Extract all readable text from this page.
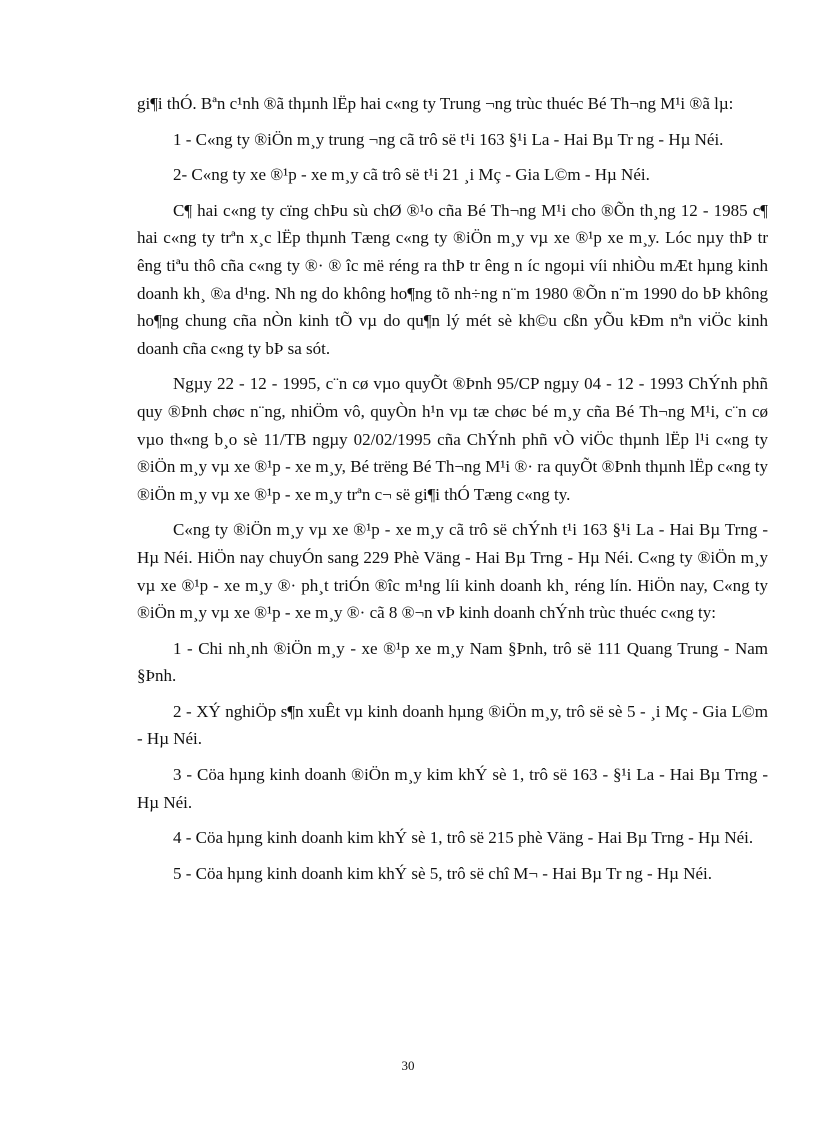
gi¶i thÓ. Bªn c¹nh ®ã thµnh lËp hai c«ng ty Trung ¬ng trùc thuéc Bé Th¬ng M¹i ®ã lµ:

1 - C«ng ty ®iÖn m¸y trung ¬ng cã trô së t¹i 163 §¹i La - Hai Bµ Tr ng - Hµ Néi.

2- C«ng ty xe ®¹p - xe m¸y cã trô së t¹i 21 ¸i Mç - Gia L©m - Hµ Néi.

C¶ hai c«ng ty cïng chÞu sù chØ ®¹o cña Bé Th¬ng M¹i cho ®Õn th¸ng 12 - 1985 c¶ hai c«ng ty trªn x¸c lËp thµnh Tæng c«ng ty ®iÖn m¸y vµ xe ®¹p xe m¸y. Lóc nµy thÞ tr êng tiªu thô cña c«ng ty ®· ® îc më réng ra thÞ tr êng n íc ngoµi víi nhiÒu mÆt hµng kinh doanh kh¸ ®a d¹ng. Nh ng do không ho¶ng tõ nh÷ng n¨m 1980 ®Õn n¨m 1990 do bÞ không ho¶ng chung cña nÒn kinh tÕ vµ do qu¶n lý mét sè kh©u cßn yÕu kÐm nªn viÖc kinh doanh cña c«ng ty bÞ sa sót.

Ngµy 22 - 12 - 1995, c¨n cø vµo quyÕt ®Þnh 95/CP ngµy 04 - 12 - 1993 ChÝnh phñ quy ®Þnh chøc n¨ng, nhiÖm vô, quyÒn h¹n vµ tæ chøc bé m¸y cña Bé Th¬ng M¹i, c¨n cø vµo th«ng b¸o sè 11/TB ngµy 02/02/1995 cña ChÝnh phñ vÒ viÖc thµnh lËp l¹i c«ng ty ®iÖn m¸y vµ xe ®¹p - xe m¸y, Bé trëng Bé Th¬ng M¹i ®· ra quyÕt ®Þnh thµnh lËp c«ng ty ®iÖn m¸y vµ xe ®¹p - xe m¸y trªn c¬ së gi¶i thÓ Tæng c«ng ty.

C«ng ty ®iÖn m¸y vµ xe ®¹p - xe m¸y cã trô së chÝnh t¹i 163 §¹i La - Hai Bµ Trng - Hµ Néi. HiÖn nay chuyÓn sang 229 Phè Väng - Hai Bµ Trng - Hµ Néi. C«ng ty ®iÖn m¸y vµ xe ®¹p - xe m¸y ®· ph¸t triÓn ®îc m¹ng líi kinh doanh kh¸ réng lín. HiÖn nay, C«ng ty ®iÖn m¸y vµ xe ®¹p - xe m¸y ®· cã 8 ®¬n vÞ kinh doanh chÝnh trùc thuéc c«ng ty:

1 - Chi nh¸nh ®iÖn m¸y - xe ®¹p xe m¸y Nam §Þnh, trô së 111 Quang Trung - Nam §Þnh.

2 - XÝ nghiÖp s¶n xuÊt vµ kinh doanh hµng ®iÖn m¸y, trô së sè 5 - ¸i Mç - Gia L©m - Hµ Néi.

3 - Cöa hµng kinh doanh ®iÖn m¸y kim khÝ sè 1, trô së 163 - §¹i La - Hai Bµ Trng - Hµ Néi.

4 - Cöa hµng kinh doanh kim khÝ sè 1, trô së 215 phè Väng - Hai Bµ Trng - Hµ Néi.

5 - Cöa hµng kinh doanh kim khÝ sè 5, trô së chî M¬ - Hai Bµ Tr ng - Hµ Néi.

30
